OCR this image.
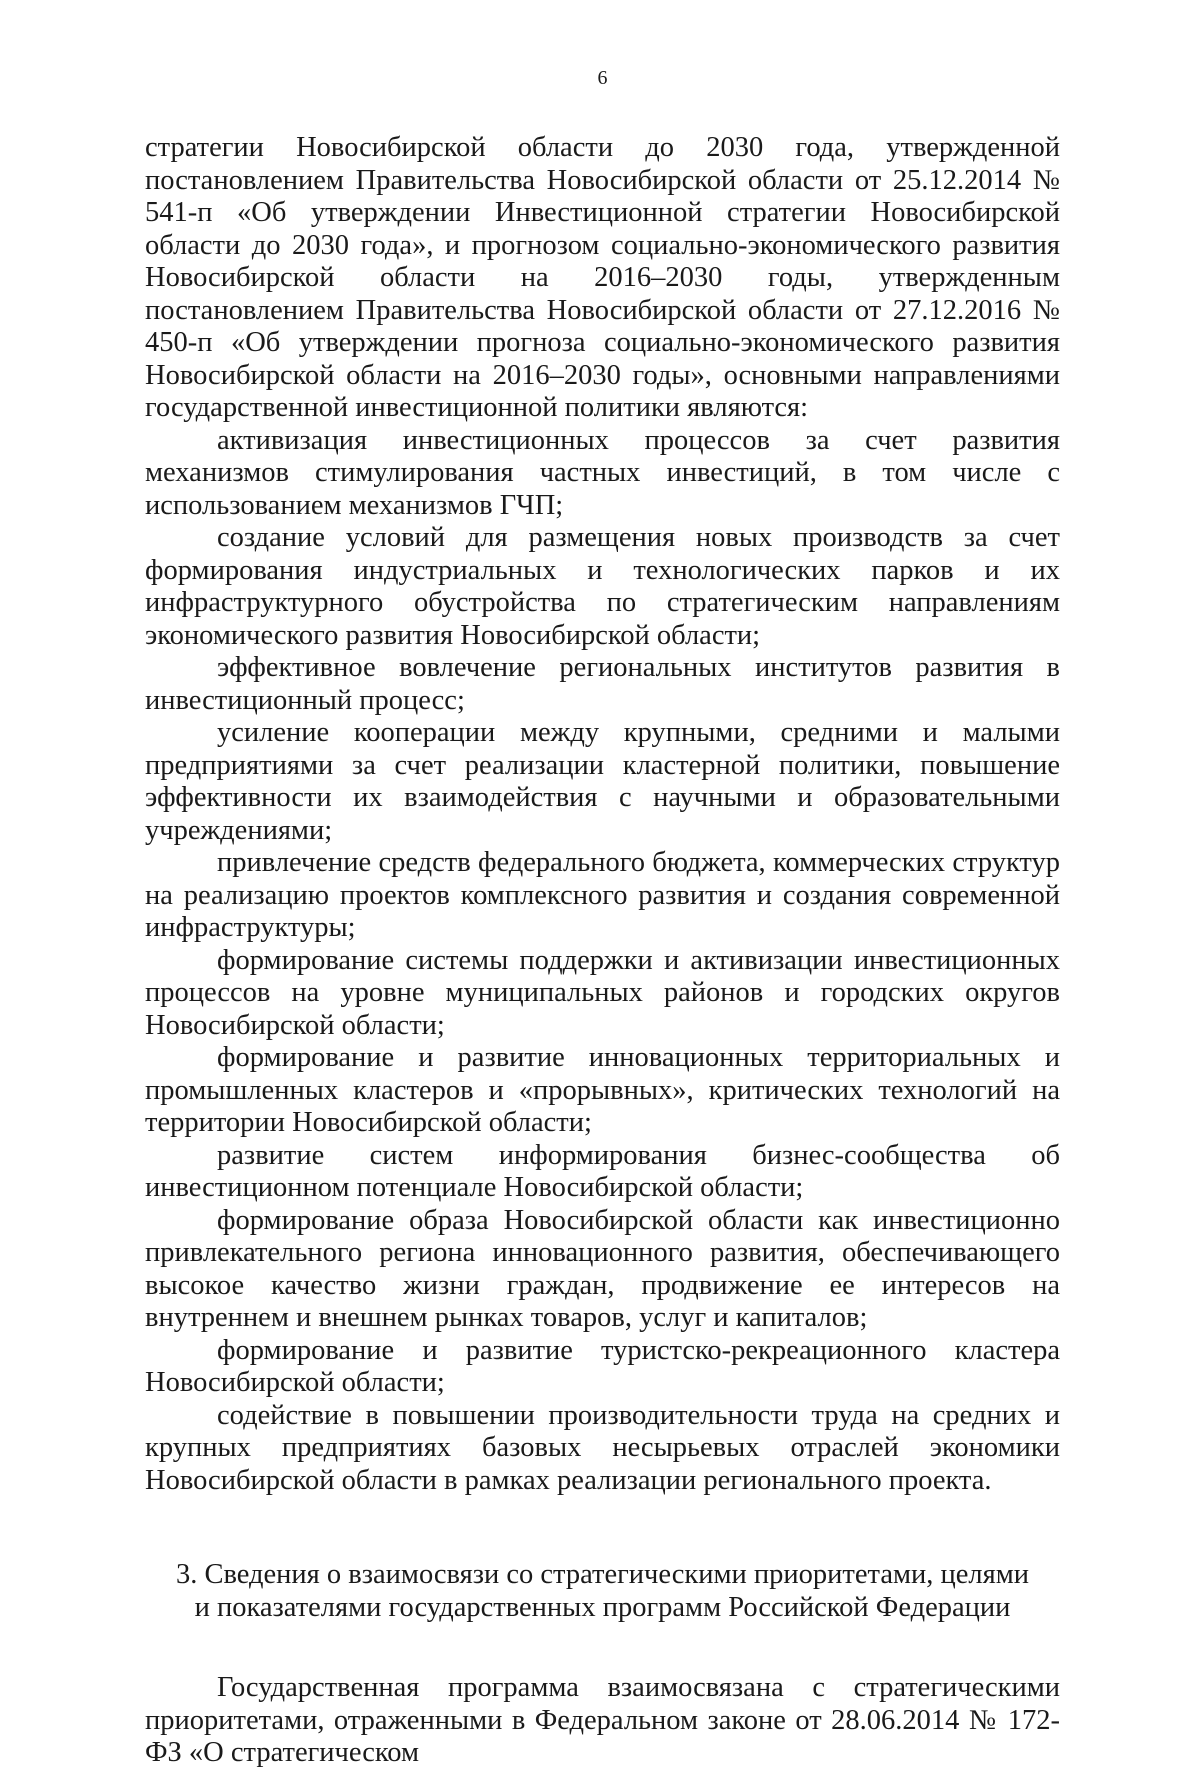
6

стратегии Новосибирской области до 2030 года, утвержденной постановлением Правительства Новосибирской области от 25.12.2014 № 541-п «Об утверждении Инвестиционной стратегии Новосибирской области до 2030 года», и прогнозом социально-экономического развития Новосибирской области на 2016–2030 годы, утвержденным постановлением Правительства Новосибирской области от 27.12.2016 № 450-п «Об утверждении прогноза социально-экономического развития Новосибирской области на 2016–2030 годы», основными направлениями государственной инвестиционной политики являются:

активизация инвестиционных процессов за счет развития механизмов стимулирования частных инвестиций, в том числе с использованием механизмов ГЧП;

создание условий для размещения новых производств за счет формирования индустриальных и технологических парков и их инфраструктурного обустройства по стратегическим направлениям экономического развития Новосибирской области;

эффективное вовлечение региональных институтов развития в инвестиционный процесс;

усиление кооперации между крупными, средними и малыми предприятиями за счет реализации кластерной политики, повышение эффективности их взаимодействия с научными и образовательными учреждениями;

привлечение средств федерального бюджета, коммерческих структур на реализацию проектов комплексного развития и создания современной инфраструктуры;

формирование системы поддержки и активизации инвестиционных процессов на уровне муниципальных районов и городских округов Новосибирской области;

формирование и развитие инновационных территориальных и промышленных кластеров и «прорывных», критических технологий на территории Новосибирской области;

развитие систем информирования бизнес-сообщества об инвестиционном потенциале Новосибирской области;

формирование образа Новосибирской области как инвестиционно привлекательного региона инновационного развития, обеспечивающего высокое качество жизни граждан, продвижение ее интересов на внутреннем и внешнем рынках товаров, услуг и капиталов;

формирование и развитие туристско-рекреационного кластера Новосибирской области;

содействие в повышении производительности труда на средних и крупных предприятиях базовых несырьевых отраслей экономики Новосибирской области в рамках реализации регионального проекта.

3. Сведения о взаимосвязи со стратегическими приоритетами, целями
и показателями государственных программ Российской Федерации

Государственная программа взаимосвязана с стратегическими приоритетами, отраженными в Федеральном законе от 28.06.2014 № 172-ФЗ «О стратегическом
